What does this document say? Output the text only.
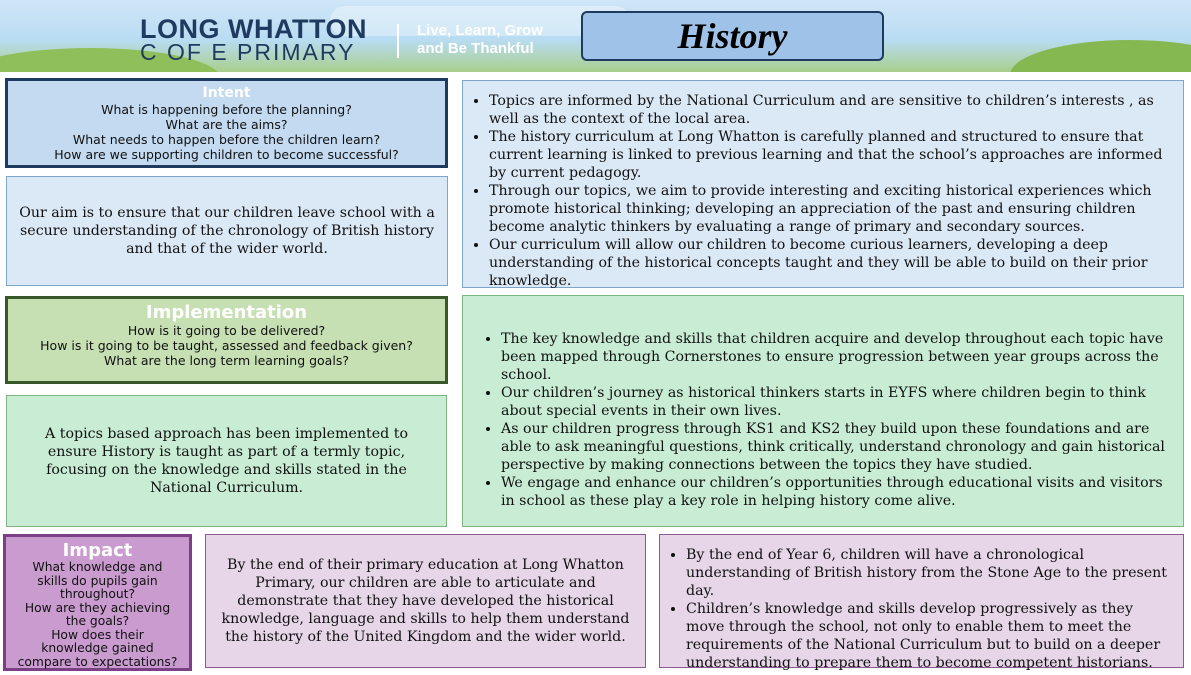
LONG WHATTON
C OF E PRIMARY
Live, Learn, Grow
and Be Thankful	History
Intent
What is happening before the planning?
What are the aims?
What needs to happen before the children learn?
How are we supporting children to become successful?
Our aim is to ensure that our children leave school with a secure understanding of the chronology of British history and that of the wider world.
• Topics are informed by the National Curriculum and are sensitive to children’s interests , as well as the context of the local area.
• The history curriculum at Long Whatton is carefully planned and structured to ensure that current learning is linked to previous learning and that the school’s approaches are informed by current pedagogy.
• Through our topics, we aim to provide interesting and exciting historical experiences which promote historical thinking; developing an appreciation of the past and ensuring children become analytic thinkers by evaluating a range of primary and secondary sources.
• Our curriculum will allow our children to become curious learners, developing a deep understanding of the historical concepts taught and they will be able to build on their prior knowledge.
Implementation
How is it going to be delivered?
How is it going to be taught, assessed and feedback given?
What are the long term learning goals?
A topics based approach has been implemented to ensure History is taught as part of a termly topic, focusing on the knowledge and skills stated in the National Curriculum.
• The key knowledge and skills that children acquire and develop throughout each topic have been mapped through Cornerstones to ensure progression between year groups across the school.
• Our children’s journey as historical thinkers starts in EYFS where children begin to think about special events in their own lives.
• As our children progress through KS1 and KS2 they build upon these foundations and are able to ask meaningful questions, think critically, understand chronology and gain historical perspective by making connections between the topics they have studied.
• We engage and enhance our children’s opportunities through educational visits and visitors in school as these play a key role in helping history come alive.
Impact
What knowledge and skills do pupils gain throughout?
How are they achieving the goals?
How does their knowledge gained compare to expectations?
By the end of their primary education at Long Whatton Primary, our children are able to articulate and demonstrate that they have developed the historical knowledge, language and skills to help them understand the history of the United Kingdom and the wider world.
• By the end of Year 6, children will have a chronological understanding of British history from the Stone Age to the present day.
• Children’s knowledge and skills develop progressively as they move through the school, not only to enable them to meet the requirements of the National Curriculum but to build on a deeper understanding to prepare them to become competent historians.
